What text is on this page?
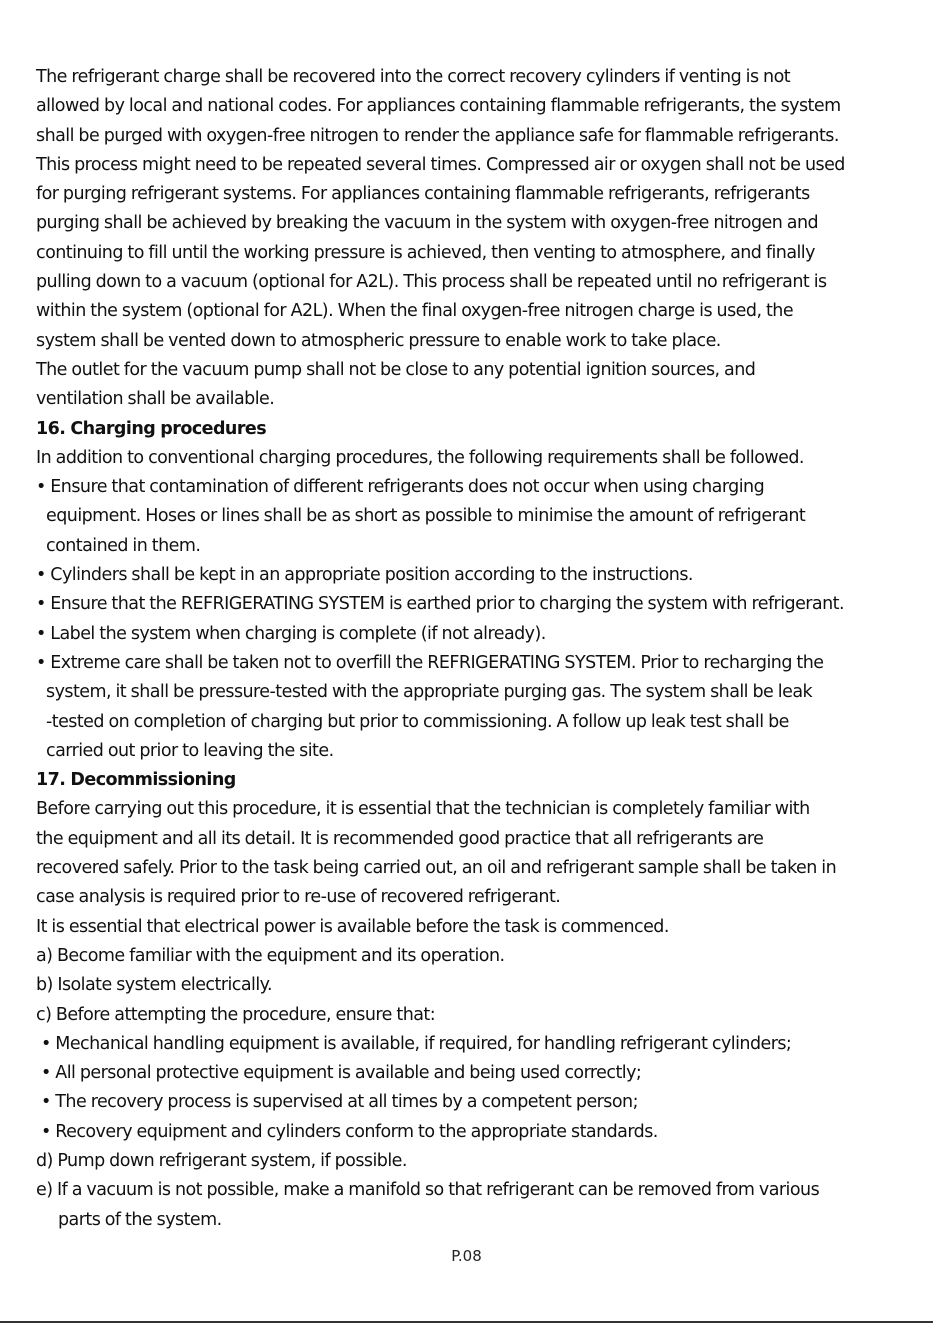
The refrigerant charge shall be recovered into the correct recovery cylinders if venting is not
allowed by local and national codes. For appliances containing flammable refrigerants, the system
shall be purged with oxygen-free nitrogen to render the appliance safe for flammable refrigerants.
This process might need to be repeated several times. Compressed air or oxygen shall not be used
for purging refrigerant systems. For appliances containing flammable refrigerants, refrigerants
purging shall be achieved by breaking the vacuum in the system with oxygen-free nitrogen and
continuing to fill until the working pressure is achieved, then venting to atmosphere, and finally
pulling down to a vacuum (optional for A2L). This process shall be repeated until no refrigerant is
within the system (optional for A2L). When the final oxygen-free nitrogen charge is used, the
system shall be vented down to atmospheric pressure to enable work to take place.
The outlet for the vacuum pump shall not be close to any potential ignition sources, and
ventilation shall be available.
16. Charging procedures
In addition to conventional charging procedures, the following requirements shall be followed.
• Ensure that contamination of different refrigerants does not occur when using charging
equipment. Hoses or lines shall be as short as possible to minimise the amount of refrigerant
contained in them.
• Cylinders shall be kept in an appropriate position according to the instructions.
• Ensure that the REFRIGERATING SYSTEM is earthed prior to charging the system with refrigerant.
• Label the system when charging is complete (if not already).
• Extreme care shall be taken not to overfill the REFRIGERATING SYSTEM. Prior to recharging the
system, it shall be pressure-tested with the appropriate purging gas. The system shall be leak
-tested on completion of charging but prior to commissioning. A follow up leak test shall be
carried out prior to leaving the site.
17. Decommissioning
Before carrying out this procedure, it is essential that the technician is completely familiar with
the equipment and all its detail. It is recommended good practice that all refrigerants are
recovered safely. Prior to the task being carried out, an oil and refrigerant sample shall be taken in
case analysis is required prior to re-use of recovered refrigerant.
It is essential that electrical power is available before the task is commenced.
a) Become familiar with the equipment and its operation.
b) Isolate system electrically.
c) Before attempting the procedure, ensure that:
• Mechanical handling equipment is available, if required, for handling refrigerant cylinders;
• All personal protective equipment is available and being used correctly;
• The recovery process is supervised at all times by a competent person;
• Recovery equipment and cylinders conform to the appropriate standards.
d) Pump down refrigerant system, if possible.
e) If a vacuum is not possible, make a manifold so that refrigerant can be removed from various
parts of the system.
P.08
